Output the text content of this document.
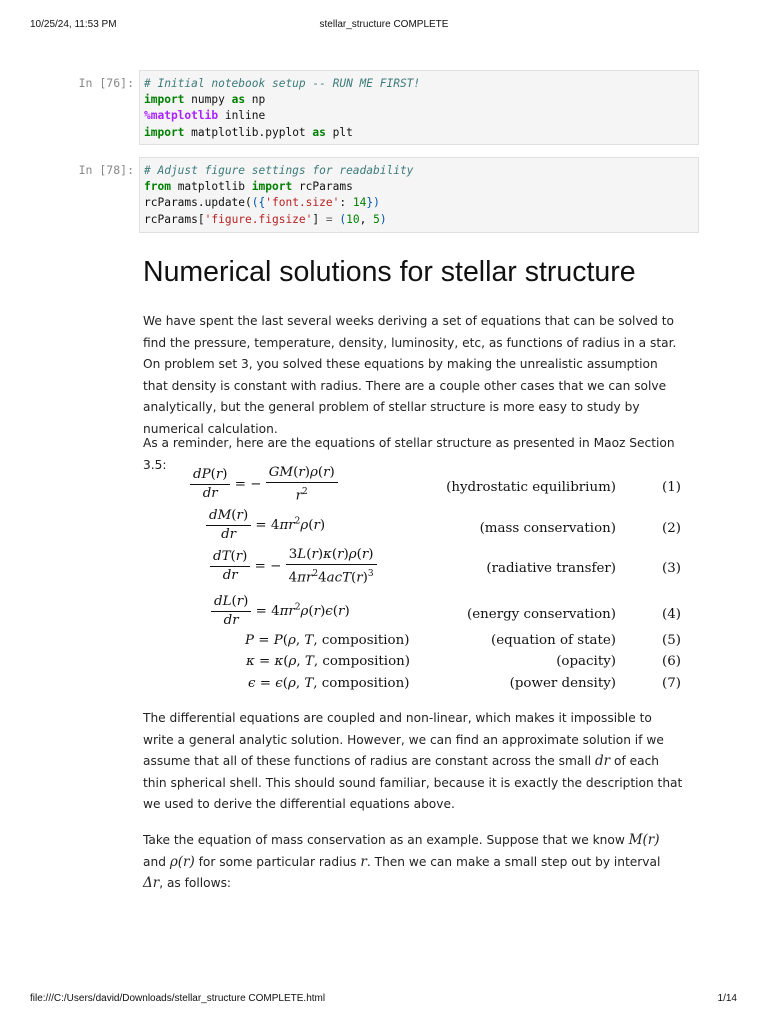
10/25/24, 11:53 PM	stellar_structure COMPLETE
In [76]: # Initial notebook setup -- RUN ME FIRST!
import numpy as np
%matplotlib inline
import matplotlib.pyplot as plt
In [78]: # Adjust figure settings for readability
from matplotlib import rcParams
rcParams.update(({'font.size': 14})
rcParams['figure.figsize'] = (10, 5)
Numerical solutions for stellar structure

We have spent the last several weeks deriving a set of equations that can be solved to find the pressure, temperature, density, luminosity, etc, as functions of radius in a star. On problem set 3, you solved these equations by making the unrealistic assumption that density is constant with radius. There are a couple other cases that we can solve analytically, but the general problem of stellar structure is more easy to study by numerical calculation.

As a reminder, here are the equations of stellar structure as presented in Maoz Section 3.5:

$\frac{dP(r)}{dr}$ = − $\frac{GM(r)\rho(r)}{r^2}$	(hydrostatic equilibrium)	(1)
$\frac{dM(r)}{dr} = 4\pi r^2\rho(r)$	(mass conservation)	(2)
$\frac{dT(r)}{dr}$ = − $\frac{3L(r)\kappa(r)\rho(r)}{4\pi r^24acT(r)^3}$	(radiative transfer)	(3)
$\frac{dL(r)}{dr} = 4\pi r^2\rho(r)\epsilon(r)$	(energy conservation)	(4)
P = P(ρ, T, composition)	(equation of state)	(5)
κ = κ(ρ, T, composition)	(opacity)	(6)
ϵ = ϵ(ρ, T, composition)	(power density)	(7)

The differential equations are coupled and non-linear, which makes it impossible to write a general analytic solution. However, we can find an approximate solution if we assume that all of these functions of radius are constant across the small dr of each thin spherical shell. This should sound familiar, because it is exactly the description that we used to derive the differential equations above.

Take the equation of mass conservation as an example. Suppose that we know M(r) and ρ(r) for some particular radius r. Then we can make a small step out by interval Δr, as follows:

file:///C:/Users/david/Downloads/stellar_structure COMPLETE.html	1/14
